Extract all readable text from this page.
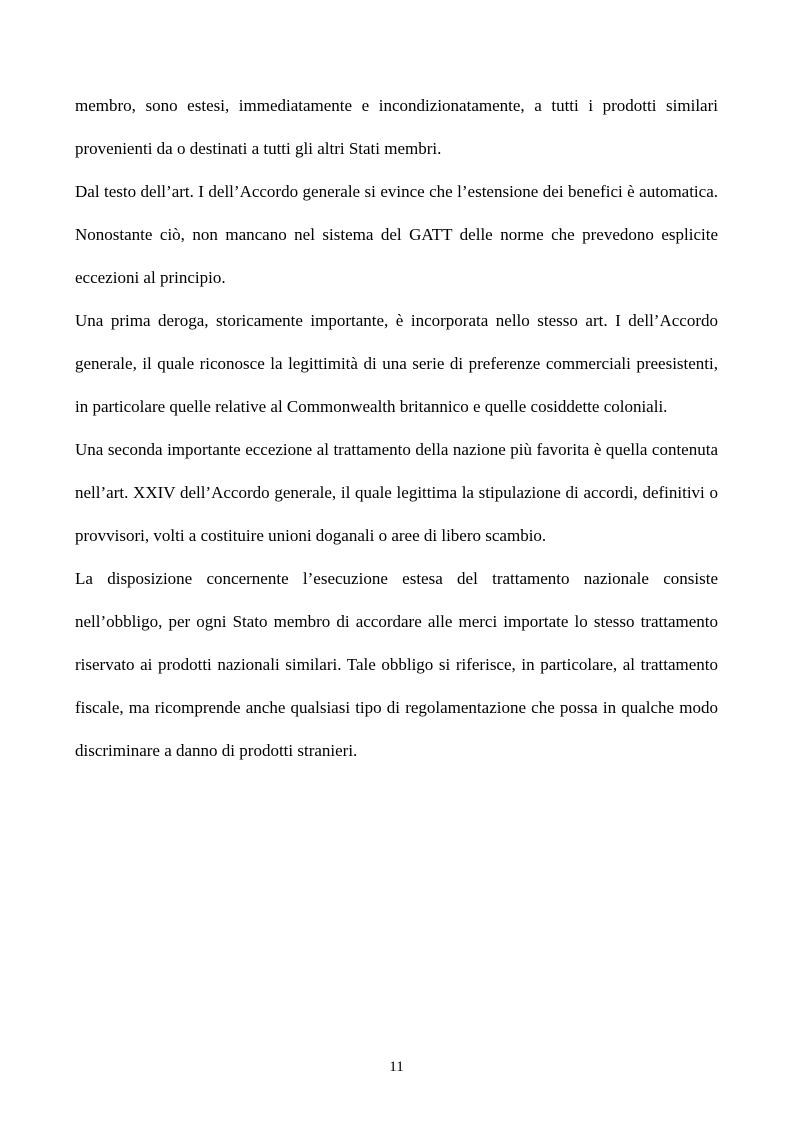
membro, sono estesi, immediatamente e incondizionatamente, a tutti i prodotti similari provenienti da o destinati a tutti gli altri Stati membri.

Dal testo dell’art. I dell’Accordo generale si evince che l’estensione dei benefici è automatica. Nonostante ciò, non mancano nel sistema del GATT delle norme che prevedono esplicite eccezioni al principio.

Una prima deroga, storicamente importante, è incorporata nello stesso art. I dell’Accordo generale, il quale riconosce la legittimità di una serie di preferenze commerciali preesistenti, in particolare quelle relative al Commonwealth britannico e quelle cosiddette coloniali.

Una seconda importante eccezione al trattamento della nazione più favorita è quella contenuta nell’art. XXIV dell’Accordo generale, il quale legittima la stipulazione di accordi, definitivi o provvisori, volti a costituire unioni doganali o aree di libero scambio.

La disposizione concernente l’esecuzione estesa del trattamento nazionale consiste nell’obbligo, per ogni Stato membro di accordare alle merci importate lo stesso trattamento riservato ai prodotti nazionali similari. Tale obbligo si riferisce, in particolare, al trattamento fiscale, ma ricomprende anche qualsiasi tipo di regolamentazione che possa in qualche modo discriminare a danno di prodotti stranieri.

11
